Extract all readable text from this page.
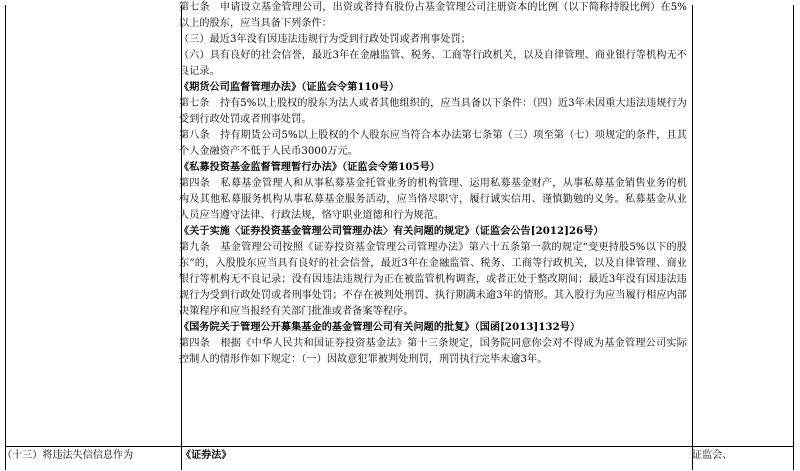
第七条　申请设立基金管理公司，出资或者持有股份占基金管理公司注册资本的比例（以下简称持股比例）在5%以上的股东，应当具备下列条件：

（三）最近3年没有因违法违规行为受到行政处罚或者刑事处罚；

（六）具有良好的社会信誉，最近3年在金融监管、税务、工商等行政机关，以及自律管理、商业银行等机构无不良记录。

《期货公司监督管理办法》（证监会令第110号）

第七条　持有5%以上股权的股东为法人或者其他组织的，应当具备以下条件：（四）近3年未因重大违法违规行为受到行政处罚或者刑事处罚。

第八条　持有期货公司5%以上股权的个人股东应当符合本办法第七条第（三）项至第（七）项规定的条件，且其个人金融资产不低于人民币3000万元。

《私募投资基金监督管理暂行办法》（证监会令第105号）

第四条　私募基金管理人和从事私募基金托管业务的机构管理、运用私募基金财产，从事私募基金销售业务的机构及其他私募服务机构从事私募基金服务活动，应当恪尽职守，履行诚实信用、谨慎勤勉的义务。私募基金从业人员应当遵守法律、行政法规，恪守职业道德和行为规范。

《关于实施〈证券投资基金管理公司管理办法〉有关问题的规定》（证监会公告[2012]26号）

第九条　基金管理公司按照《证券投资基金管理公司管理办法》第六十五条第一款的规定“变更持股5%以下的股东”的，入股股东应当具有良好的社会信誉，最近3年在金融监管、税务、工商等行政机关，以及自律管理、商业银行等机构无不良记录；没有因违法违规行为正在被监管机构调查，或者正处于整改期间；最近3年没有因违法违规行为受到行政处罚或者刑事处罚；不存在被判处刑罚、执行期满未逾3年的情形。其入股行为应当履行相应内部决策程序和应当报经有关部门批准或者备案等程序。

《国务院关于管理公开募集基金的基金管理公司有关问题的批复》（国函[2013]132号）

第四条　根据《中华人民共和国证券投资基金法》第十三条规定，国务院同意你会对不得成为基金管理公司实际控制人的情形作如下规定：（一）因故意犯罪被判处刑罚，刑罚执行完毕未逾3年。

（十三）将违法失信信息作为	《证券法》	证监会、
